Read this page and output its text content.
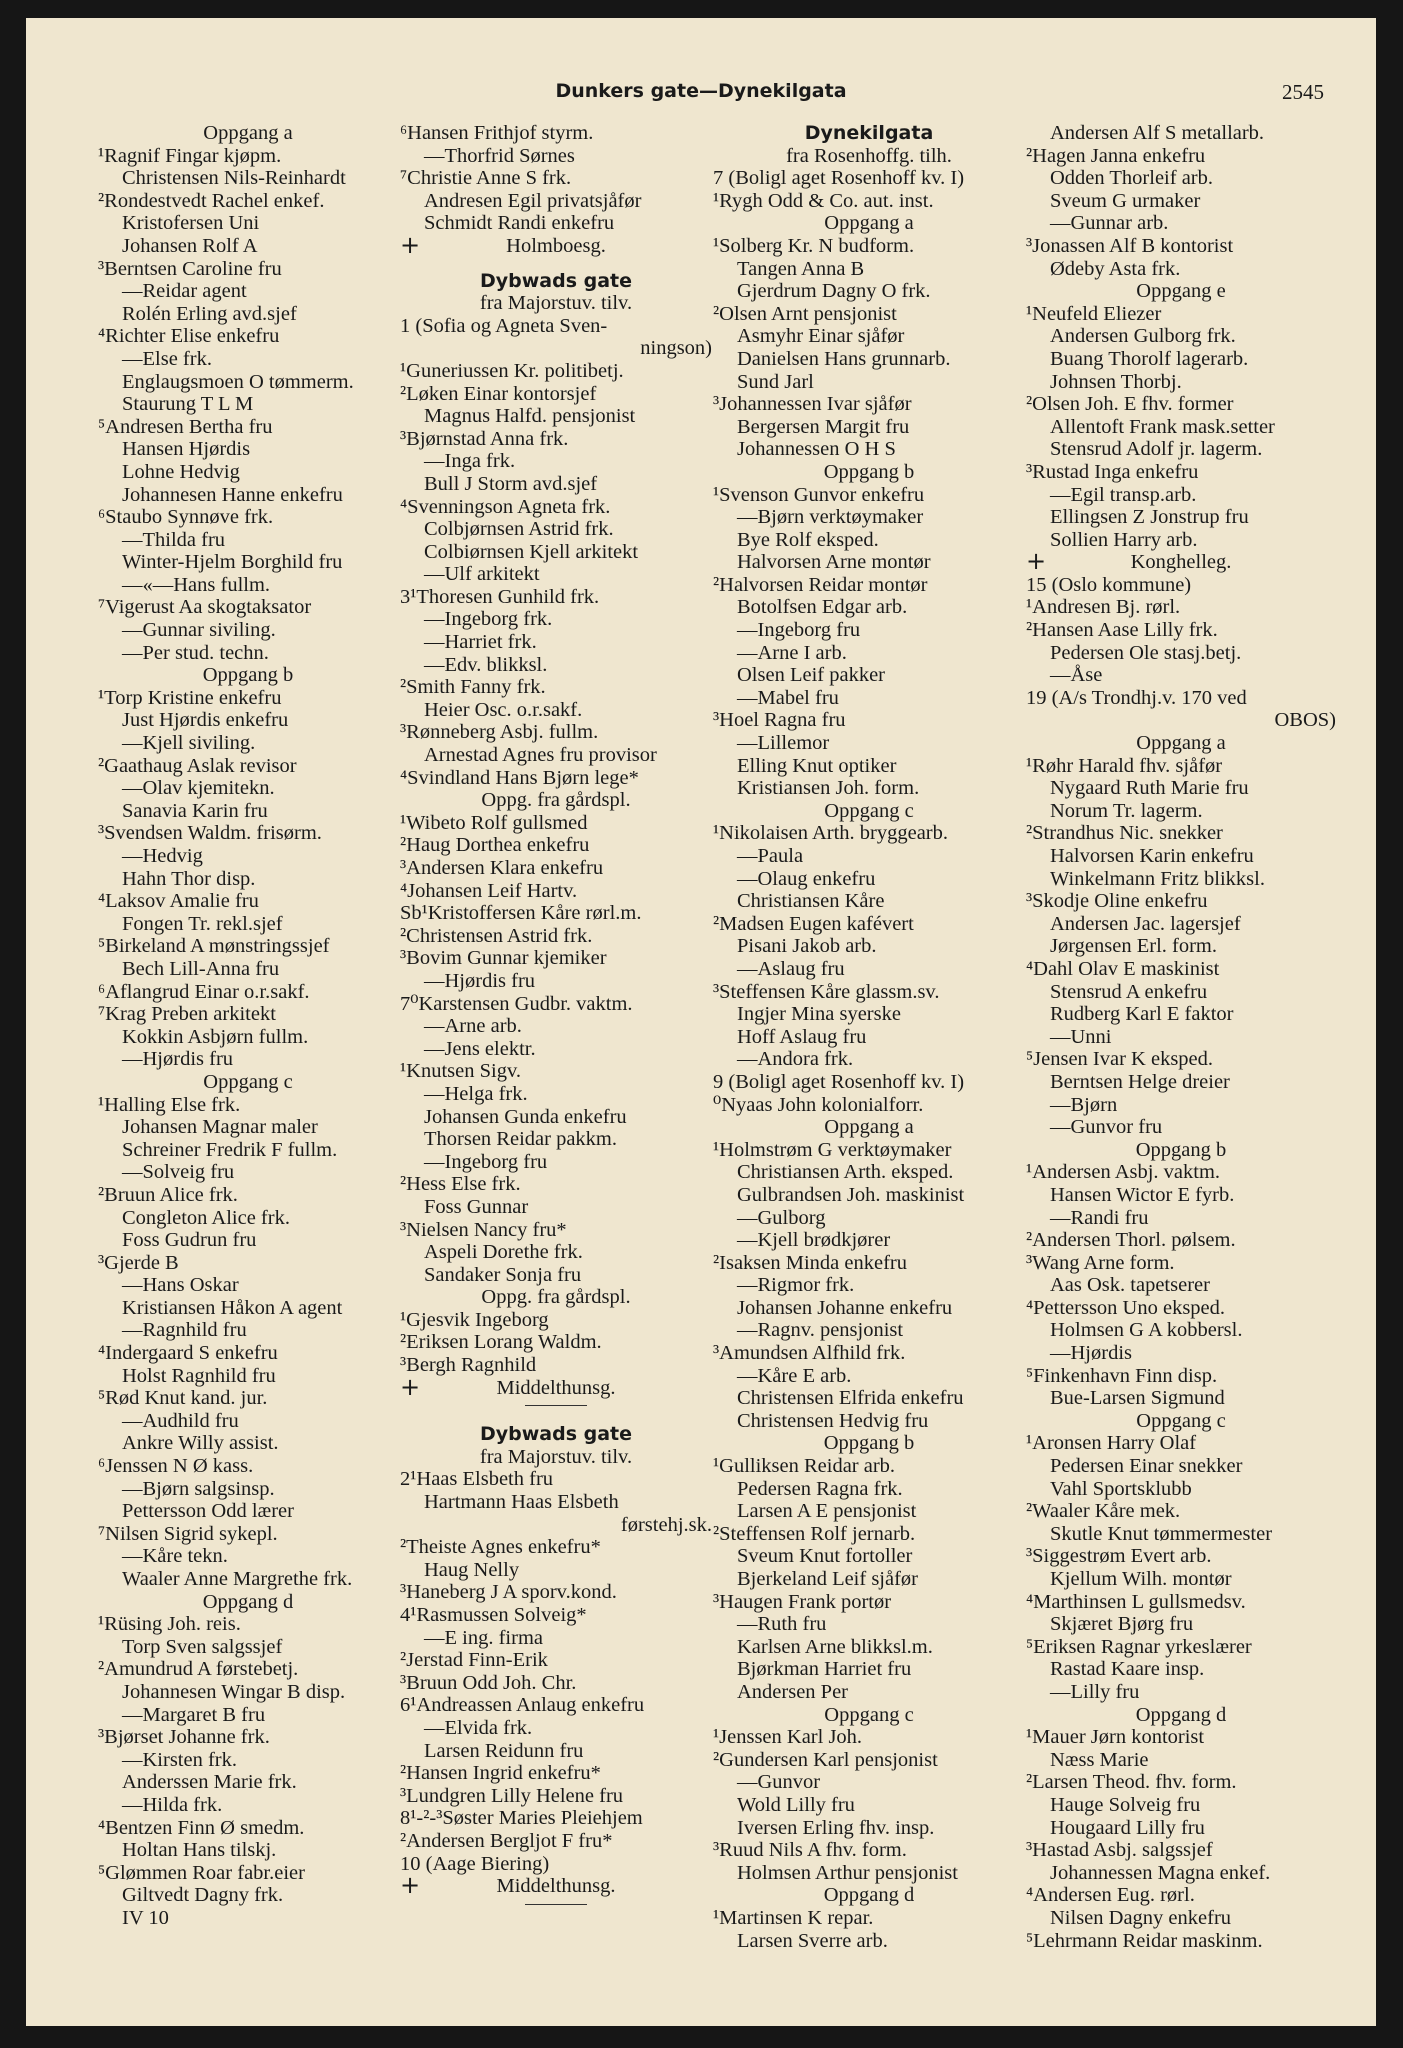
Dunkers gate—Dynekilgata	2545
Oppgang a
¹Ragnif Fingar kjøpm.
Christensen Nils-Reinhardt
²Rondestvedt Rachel enkef.
Kristofersen Uni
Johansen Rolf A
³Berntsen Caroline fru
—Reidar agent
Rolén Erling avd.sjef
⁴Richter Elise enkefru
—Else frk.
Englaugsmoen O tømmerm.
Staurung T L M
⁵Andresen Bertha fru
Hansen Hjørdis
Lohne Hedvig
Johannesen Hanne enkefru
⁶Staubo Synnøve frk.
—Thilda fru
Winter-Hjelm Borghild fru
—«—Hans fullm.
⁷Vigerust Aa skogtaksator
—Gunnar siviling.
—Per stud. techn.
Oppgang b
¹Torp Kristine enkefru
Just Hjørdis enkefru
—Kjell siviling.
²Gaathaug Aslak revisor
—Olav kjemitekn.
Sanavia Karin fru
³Svendsen Waldm. frisørm.
—Hedvig
Hahn Thor disp.
⁴Laksov Amalie fru
Fongen Tr. rekl.sjef
⁵Birkeland A mønstringssjef
Bech Lill-Anna fru
⁶Aflangrud Einar o.r.sakf.
⁷Krag Preben arkitekt
Kokkin Asbjørn fullm.
—Hjørdis fru
Oppgang c
¹Halling Else frk.
Johansen Magnar maler
Schreiner Fredrik F fullm.
—Solveig fru
²Bruun Alice frk.
Congleton Alice frk.
Foss Gudrun fru
³Gjerde B
—Hans Oskar
Kristiansen Håkon A agent
—Ragnhild fru
⁴Indergaard S enkefru
Holst Ragnhild fru
⁵Rød Knut kand. jur.
—Audhild fru
Ankre Willy assist.
⁶Jenssen N Ø kass.
—Bjørn salgsinsp.
Pettersson Odd lærer
⁷Nilsen Sigrid sykepl.
—Kåre tekn.
Waaler Anne Margrethe frk.
Oppgang d
¹Rüsing Joh. reis.
Torp Sven salgssjef
²Amundrud A førstebetj.
Johannesen Wingar B disp.
—Margaret B fru
³Bjørset Johanne frk.
—Kirsten frk.
Anderssen Marie frk.
—Hilda frk.
⁴Bentzen Finn Ø smedm.
Holtan Hans tilskj.
⁵Glømmen Roar fabr.eier
Giltvedt Dagny frk.
IV 10
⁶Hansen Frithjof styrm.
—Thorfrid Sørnes
⁷Christie Anne S frk.
Andresen Egil privatsjåfør
Schmidt Randi enkefru
+	Holmboesg.
Dybwads gate
fra Majorstuv. tilv.
1 (Sofia og Agneta Sven-
ningson)
¹Guneriussen Kr. politibetj.
²Løken Einar kontorsjef
Magnus Halfd. pensjonist
³Bjørnstad Anna frk.
—Inga frk.
Bull J Storm avd.sjef
⁴Svenningson Agneta frk.
Colbjørnsen Astrid frk.
Colbiørnsen Kjell arkitekt
—Ulf arkitekt
3¹Thoresen Gunhild frk.
—Ingeborg frk.
—Harriet frk.
—Edv. blikksl.
²Smith Fanny frk.
Heier Osc. o.r.sakf.
³Rønneberg Asbj. fullm.
Arnestad Agnes fru provisor
⁴Svindland Hans Bjørn lege*
Oppg. fra gårdspl.
¹Wibeto Rolf gullsmed
²Haug Dorthea enkefru
³Andersen Klara enkefru
⁴Johansen Leif Hartv.
Sb¹Kristoffersen Kåre rørl.m.
²Christensen Astrid frk.
³Bovim Gunnar kjemiker
—Hjørdis fru
7⁰Karstensen Gudbr. vaktm.
—Arne arb.
—Jens elektr.
¹Knutsen Sigv.
—Helga frk.
Johansen Gunda enkefru
Thorsen Reidar pakkm.
—Ingeborg fru
²Hess Else frk.
Foss Gunnar
³Nielsen Nancy fru*
Aspeli Dorethe frk.
Sandaker Sonja fru
Oppg. fra gårdspl.
¹Gjesvik Ingeborg
²Eriksen Lorang Waldm.
³Bergh Ragnhild
+	Middelthunsg.
Dybwads gate
fra Majorstuv. tilv.
2¹Haas Elsbeth fru
Hartmann Haas Elsbeth
førstehj.sk.
²Theiste Agnes enkefru*
Haug Nelly
³Haneberg J A sporv.kond.
4¹Rasmussen Solveig*
—E ing. firma
²Jerstad Finn-Erik
³Bruun Odd Joh. Chr.
6¹Andreassen Anlaug enkefru
—Elvida frk.
Larsen Reidunn fru
²Hansen Ingrid enkefru*
³Lundgren Lilly Helene fru
8¹-²-³Søster Maries Pleiehjem
²Andersen Bergljot F fru*
10 (Aage Biering)
+	Middelthunsg.
Dynekilgata
fra Rosenhoffg. tilh.
7 (Boligl aget Rosenhoff kv. I)
¹Rygh Odd & Co. aut. inst.
Oppgang a
¹Solberg Kr. N budform.
Tangen Anna B
Gjerdrum Dagny O frk.
²Olsen Arnt pensjonist
Asmyhr Einar sjåfør
Danielsen Hans grunnarb.
Sund Jarl
³Johannessen Ivar sjåfør
Bergersen Margit fru
Johannessen O H S
Oppgang b
¹Svenson Gunvor enkefru
—Bjørn verktøymaker
Bye Rolf eksped.
Halvorsen Arne montør
²Halvorsen Reidar montør
Botolfsen Edgar arb.
—Ingeborg fru
—Arne I arb.
Olsen Leif pakker
—Mabel fru
³Hoel Ragna fru
—Lillemor
Elling Knut optiker
Kristiansen Joh. form.
Oppgang c
¹Nikolaisen Arth. bryggearb.
—Paula
—Olaug enkefru
Christiansen Kåre
²Madsen Eugen kafévert
Pisani Jakob arb.
—Aslaug fru
³Steffensen Kåre glassm.sv.
Ingjer Mina syerske
Hoff Aslaug fru
—Andora frk.
9 (Boligl aget Rosenhoff kv. I)
⁰Nyaas John kolonialforr.
Oppgang a
¹Holmstrøm G verktøymaker
Christiansen Arth. eksped.
Gulbrandsen Joh. maskinist
—Gulborg
—Kjell brødkjører
²Isaksen Minda enkefru
—Rigmor frk.
Johansen Johanne enkefru
—Ragnv. pensjonist
³Amundsen Alfhild frk.
—Kåre E arb.
Christensen Elfrida enkefru
Christensen Hedvig fru
Oppgang b
¹Gulliksen Reidar arb.
Pedersen Ragna frk.
Larsen A E pensjonist
²Steffensen Rolf jernarb.
Sveum Knut fortoller
Bjerkeland Leif sjåfør
³Haugen Frank portør
—Ruth fru
Karlsen Arne blikksl.m.
Bjørkman Harriet fru
Andersen Per
Oppgang c
¹Jenssen Karl Joh.
²Gundersen Karl pensjonist
—Gunvor
Wold Lilly fru
Iversen Erling fhv. insp.
³Ruud Nils A fhv. form.
Holmsen Arthur pensjonist
Oppgang d
¹Martinsen K repar.
Larsen Sverre arb.
Andersen Alf S metallarb.
²Hagen Janna enkefru
Odden Thorleif arb.
Sveum G urmaker
—Gunnar arb.
³Jonassen Alf B kontorist
Ødeby Asta frk.
Oppgang e
¹Neufeld Eliezer
Andersen Gulborg frk.
Buang Thorolf lagerarb.
Johnsen Thorbj.
²Olsen Joh. E fhv. former
Allentoft Frank mask.setter
Stensrud Adolf jr. lagerm.
³Rustad Inga enkefru
—Egil transp.arb.
Ellingsen Z Jonstrup fru
Sollien Harry arb.
+	Konghelleg.
15 (Oslo kommune)
¹Andresen Bj. rørl.
²Hansen Aase Lilly frk.
Pedersen Ole stasj.betj.
—Åse
19 (A/s Trondhj.v. 170 ved
OBOS)
Oppgang a
¹Røhr Harald fhv. sjåfør
Nygaard Ruth Marie fru
Norum Tr. lagerm.
²Strandhus Nic. snekker
Halvorsen Karin enkefru
Winkelmann Fritz blikksl.
³Skodje Oline enkefru
Andersen Jac. lagersjef
Jørgensen Erl. form.
⁴Dahl Olav E maskinist
Stensrud A enkefru
Rudberg Karl E faktor
—Unni
⁵Jensen Ivar K eksped.
Berntsen Helge dreier
—Bjørn
—Gunvor fru
Oppgang b
¹Andersen Asbj. vaktm.
Hansen Wictor E fyrb.
—Randi fru
²Andersen Thorl. pølsem.
³Wang Arne form.
Aas Osk. tapetserer
⁴Pettersson Uno eksped.
Holmsen G A kobbersl.
—Hjørdis
⁵Finkenhavn Finn disp.
Bue-Larsen Sigmund
Oppgang c
¹Aronsen Harry Olaf
Pedersen Einar snekker
Vahl Sportsklubb
²Waaler Kåre mek.
Skutle Knut tømmermester
³Siggestrøm Evert arb.
Kjellum Wilh. montør
⁴Marthinsen L gullsmedsv.
Skjæret Bjørg fru
⁵Eriksen Ragnar yrkeslærer
Rastad Kaare insp.
—Lilly fru
Oppgang d
¹Mauer Jørn kontorist
Næss Marie
²Larsen Theod. fhv. form.
Hauge Solveig fru
Hougaard Lilly fru
³Hastad Asbj. salgssjef
Johannessen Magna enkef.
⁴Andersen Eug. rørl.
Nilsen Dagny enkefru
⁵Lehrmann Reidar maskinm.
